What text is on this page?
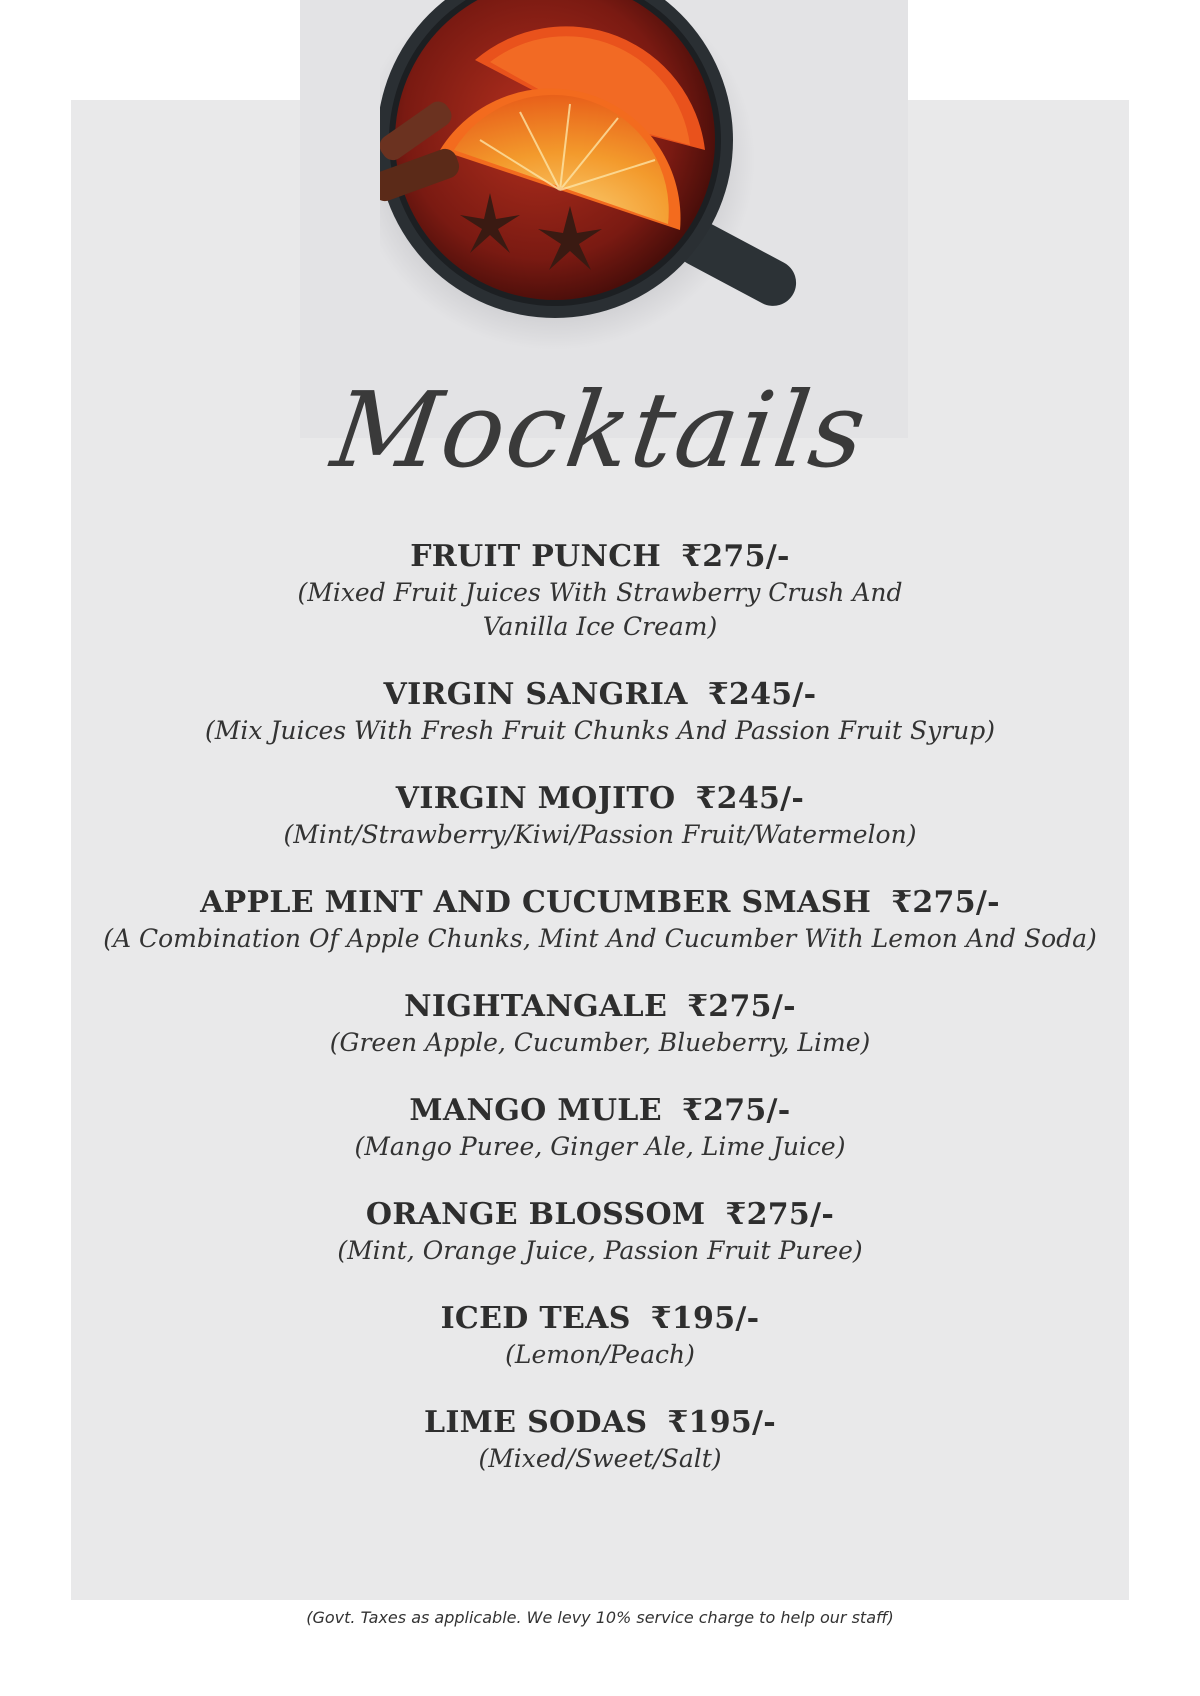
Mocktails
FRUIT PUNCH ₹275/-
(Mixed Fruit Juices With Strawberry Crush And
Vanilla Ice Cream)
VIRGIN SANGRIA ₹245/-
(Mix Juices With Fresh Fruit Chunks And Passion Fruit Syrup)
VIRGIN MOJITO ₹245/-
(Mint/Strawberry/Kiwi/Passion Fruit/Watermelon)
APPLE MINT AND CUCUMBER SMASH ₹275/-
(A Combination Of Apple Chunks, Mint And Cucumber With Lemon And Soda)
NIGHTANGALE ₹275/-
(Green Apple, Cucumber, Blueberry, Lime)
MANGO MULE ₹275/-
(Mango Puree, Ginger Ale, Lime Juice)
ORANGE BLOSSOM ₹275/-
(Mint, Orange Juice, Passion Fruit Puree)
ICED TEAS ₹195/-
(Lemon/Peach)
LIME SODAS ₹195/-
(Mixed/Sweet/Salt)
(Govt. Taxes as applicable. We levy 10% service charge to help our staff)
